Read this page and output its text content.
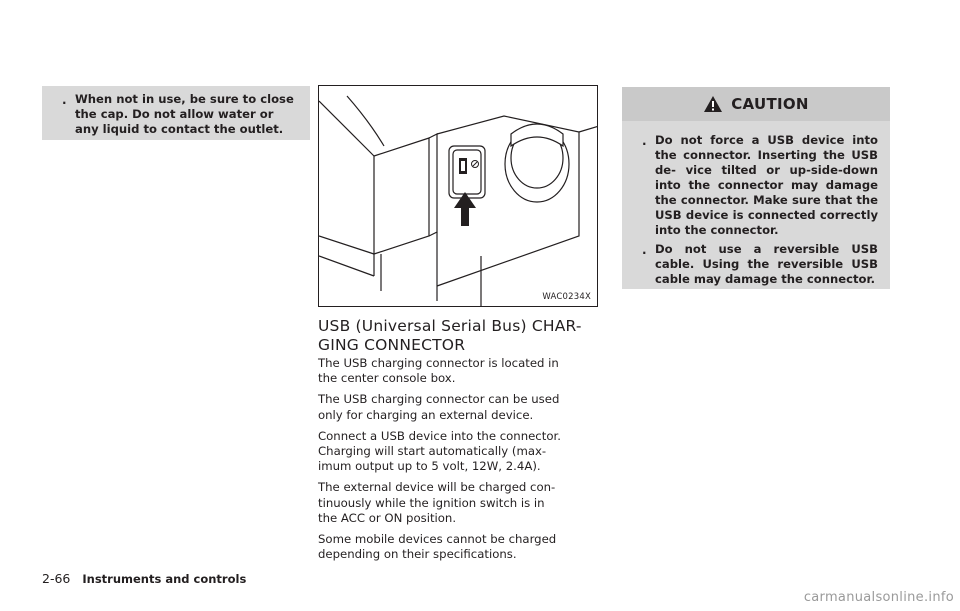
. When not in use, be sure to close the cap. Do not allow water or any liquid to contact the outlet.
WAC0234X
USB (Universal Serial Bus) CHAR-
GING CONNECTOR

The USB charging connector is located in
the center console box.

The USB charging connector can be used
only for charging an external device.

Connect a USB device into the connector.
Charging will start automatically (max-
imum output up to 5 volt, 12W, 2.4A).

The external device will be charged con-
tinuously while the ignition switch is in
the ACC or ON position.

Some mobile devices cannot be charged
depending on their specifications.

CAUTION
. Do not force a USB device into the connector. Inserting the USB de- vice tilted or up-side-down into the connector may damage the connector. Make sure that the USB device is connected correctly into the connector.
. Do not use a reversible USB cable. Using the reversible USB cable may damage the connector.
2-66 Instruments and controls
carmanualsonline.info
